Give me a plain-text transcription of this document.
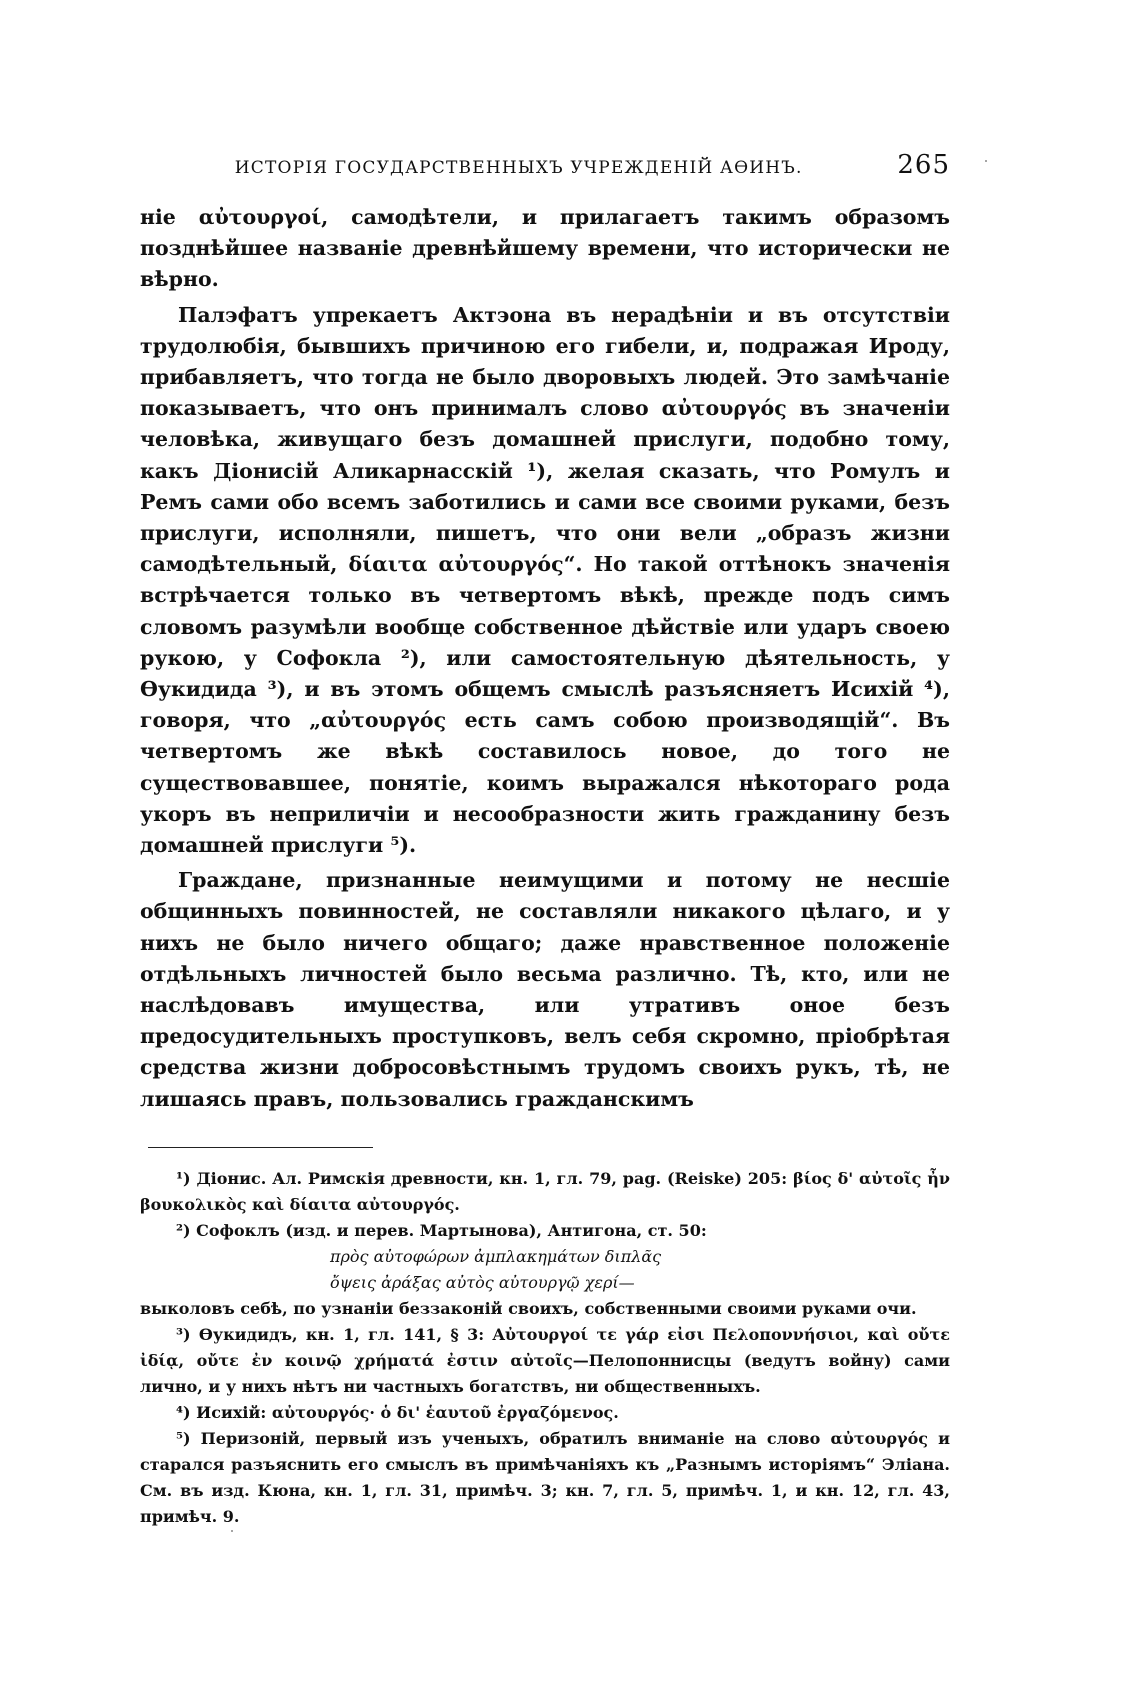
ИСТОРІЯ ГОСУДАРСТВЕННЫХЪ УЧРЕЖДЕНІЙ АѲИНЪ.	265

ніе αὐτουργοί, самодѣтели, и прилагаетъ такимъ образомъ позднѣйшее названіе древнѣйшему времени, что исторически не вѣрно.

Палэфатъ упрекаетъ Актэона въ нерадѣніи и въ отсутствіи трудолюбія, бывшихъ причиною его гибели, и, подражая Ироду, прибавляетъ, что тогда не было дворовыхъ людей. Это замѣчаніе показываетъ, что онъ принималъ слово αὐτουργός въ значеніи человѣка, живущаго безъ домашней прислуги, подобно тому, какъ Діонисій Аликарнасскій ¹), желая сказать, что Ромулъ и Ремъ сами обо всемъ заботились и сами все своими руками, безъ прислуги, исполняли, пишетъ, что они вели „образъ жизни самодѣтельный, δίαιτα αὐτουργός“. Но такой оттѣнокъ значенія встрѣчается только въ четвертомъ вѣкѣ, прежде подъ симъ словомъ разумѣли вообще собственное дѣйствіе или ударъ своею рукою, у Софокла ²), или самостоятельную дѣятельность, у Ѳукидида ³), и въ этомъ общемъ смыслѣ разъясняетъ Исихій ⁴), говоря, что „αὐτουργός есть самъ собою производящій“. Въ четвертомъ же вѣкѣ составилось новое, до того не существовавшее, понятіе, коимъ выражался нѣкотораго рода укоръ въ неприличіи и несообразности жить гражданину безъ домашней прислуги ⁵).

Граждане, признанные неимущими и потому не несшіе общинныхъ повинностей, не составляли никакого цѣлаго, и у нихъ не было ничего общаго; даже нравственное положеніе отдѣльныхъ личностей было весьма различно. Тѣ, кто, или не наслѣдовавъ имущества, или утративъ оное безъ предосудительныхъ проступковъ, велъ себя скромно, пріобрѣтая средства жизни добросовѣстнымъ трудомъ своихъ рукъ, тѣ, не лишаясь правъ, пользовались гражданскимъ

¹) Діонис. Ал. Римскія древности, кн. 1, гл. 79, pag. (Reiske) 205: βίος δ' αὐτοῖς ἦν βουκολικὸς καὶ δίαιτα αὐτουργός.

²) Софоклъ (изд. и перев. Мартынова), Антигона, ст. 50:

πρὸς αὐτοφώρων ἀμπλακημάτων διπλᾶς

ὄψεις ἀράξας αὐτὸς αὐτουργῷ χερί—

выколовъ себѣ, по узнаніи беззаконій своихъ, собственными своими руками очи.

³) Ѳукидидъ, кн. 1, гл. 141, § 3: Αὐτουργοί τε γάρ εἰσι Πελοποννήσιοι, καὶ οὔτε ἰδίᾳ, οὔτε ἐν κοινῷ χρήματά ἐστιν αὐτοῖς—Пелопоннисцы (ведутъ войну) сами лично, и у нихъ нѣтъ ни частныхъ богатствъ, ни общественныхъ.

⁴) Исихій: αὐτουργός· ὁ δι' ἑαυτοῦ ἐργαζόμενος.

⁵) Перизоній, первый изъ ученыхъ, обратилъ вниманіе на слово αὐτουργός и старался разъяснить его смыслъ въ примѣчаніяхъ къ „Разнымъ исторіямъ“ Эліана. См. въ изд. Кюна, кн. 1, гл. 31, примѣч. 3; кн. 7, гл. 5, примѣч. 1, и кн. 12, гл. 43, примѣч. 9.
